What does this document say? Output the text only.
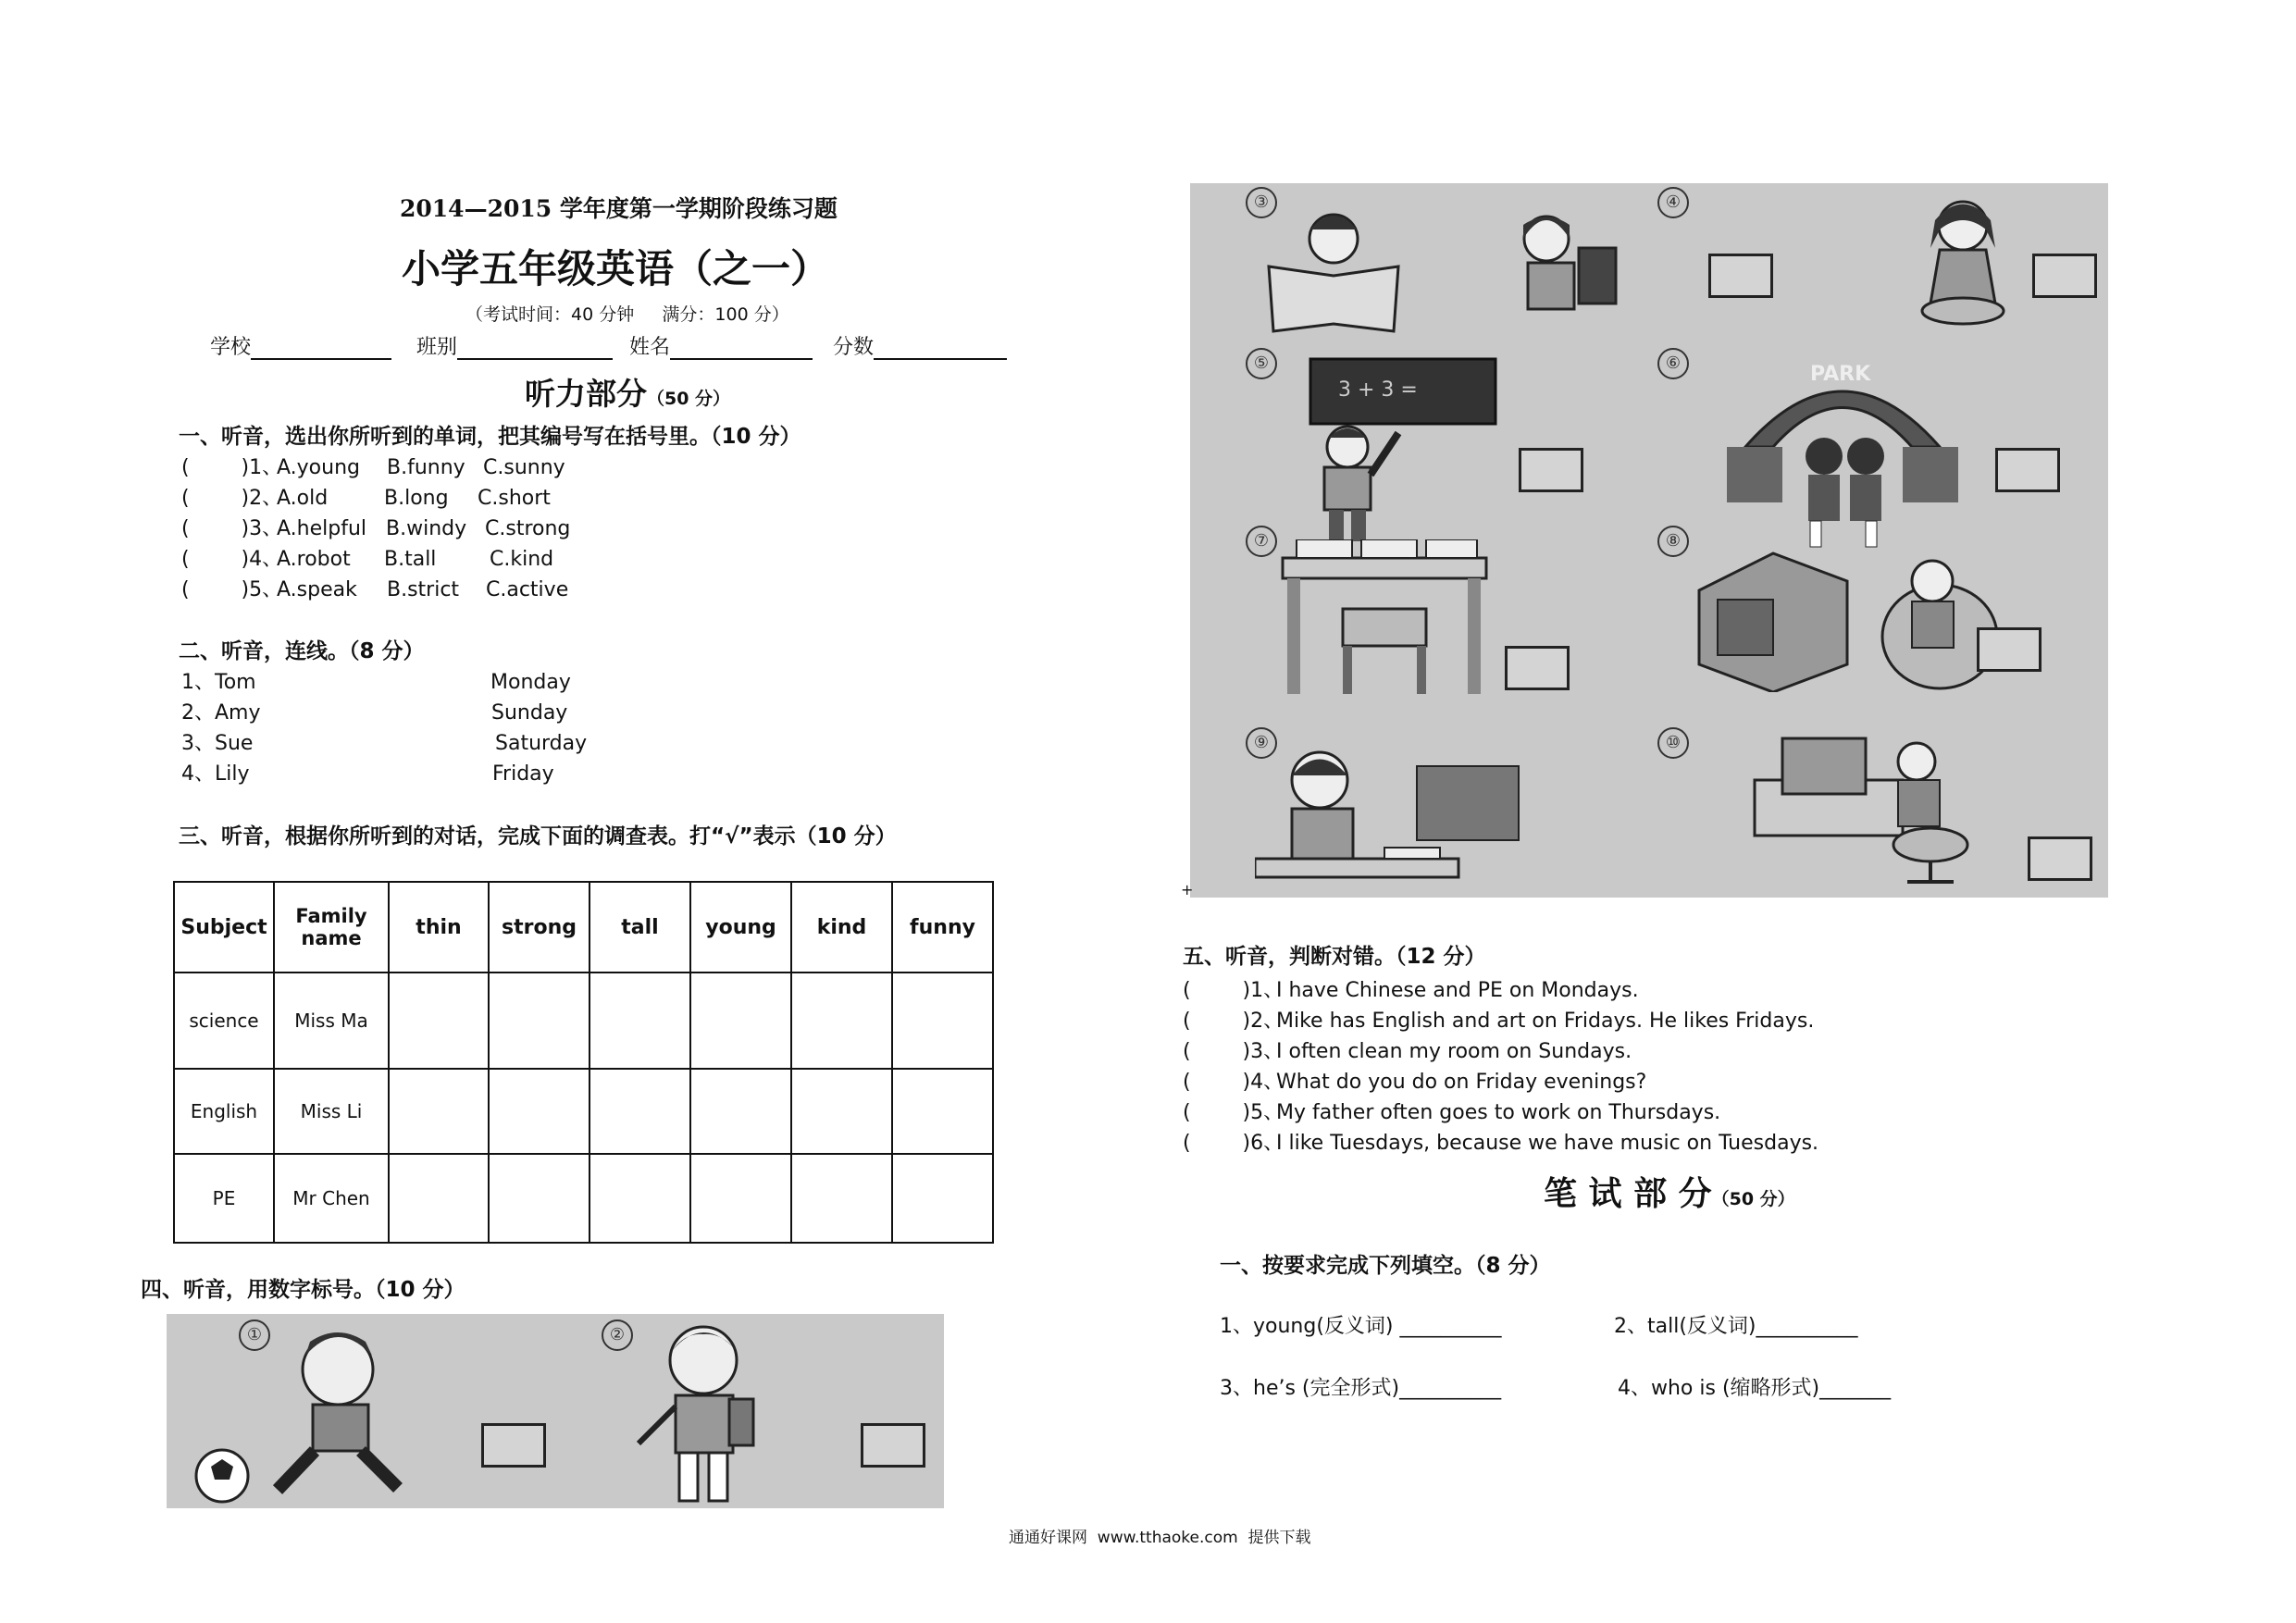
2014—2015 学年度第一学期阶段练习题
小学五年级英语（之一）
（考试时间：40 分钟     满分：100 分）
学校	班别	姓名	分数
听力部分（50 分）
一、听音，选出你所听到的单词，把其编号写在括号里。（10 分）
(        )1、
A.young B.funny C.sunny
(        )2、
A.old	B.long C.short
(        )3、
A.helpful B.windy C.strong
(        )4、
A.robot B.tall	C.kind
(        )5、
A.speak B.strict C.active
二、听音，连线。（8 分）
1、Tom
2、Amy
3、Sue
4、Lily
Monday
Sunday
Saturday
Friday
三、听音，根据你所听到的对话，完成下面的调查表。打“√”表示（10 分）
Subject	Family name	thin	strong	tall	young	kind	funny
science	Miss Ma						
English	Miss Li						
PE	Mr Chen						
四、听音，用数字标号。（10 分）
①	②
③	④
⑤
3 + 3 =
⑥	PARK
⑦	⑧
⑨	⑩
+
五、听音，判断对错。（12 分）
(        )1、
I have Chinese and PE on Mondays.
(        )2、
Mike has English and art on Fridays. He likes Fridays.
(        )3、
I often clean my room on Sundays.
(        )4、
What do you do on Friday evenings?
(        )5、
My father often goes to work on Thursdays.
(        )6、
I like Tuesdays, because we have music on Tuesdays.
笔 试 部 分（50 分）
一、按要求完成下列填空。（8 分）
1、young(反义词) __________	2、tall(反义词)__________
3、he’s (完全形式)__________	4、who is (缩略形式)_______
通通好课网  www.tthaoke.com  提供下载
